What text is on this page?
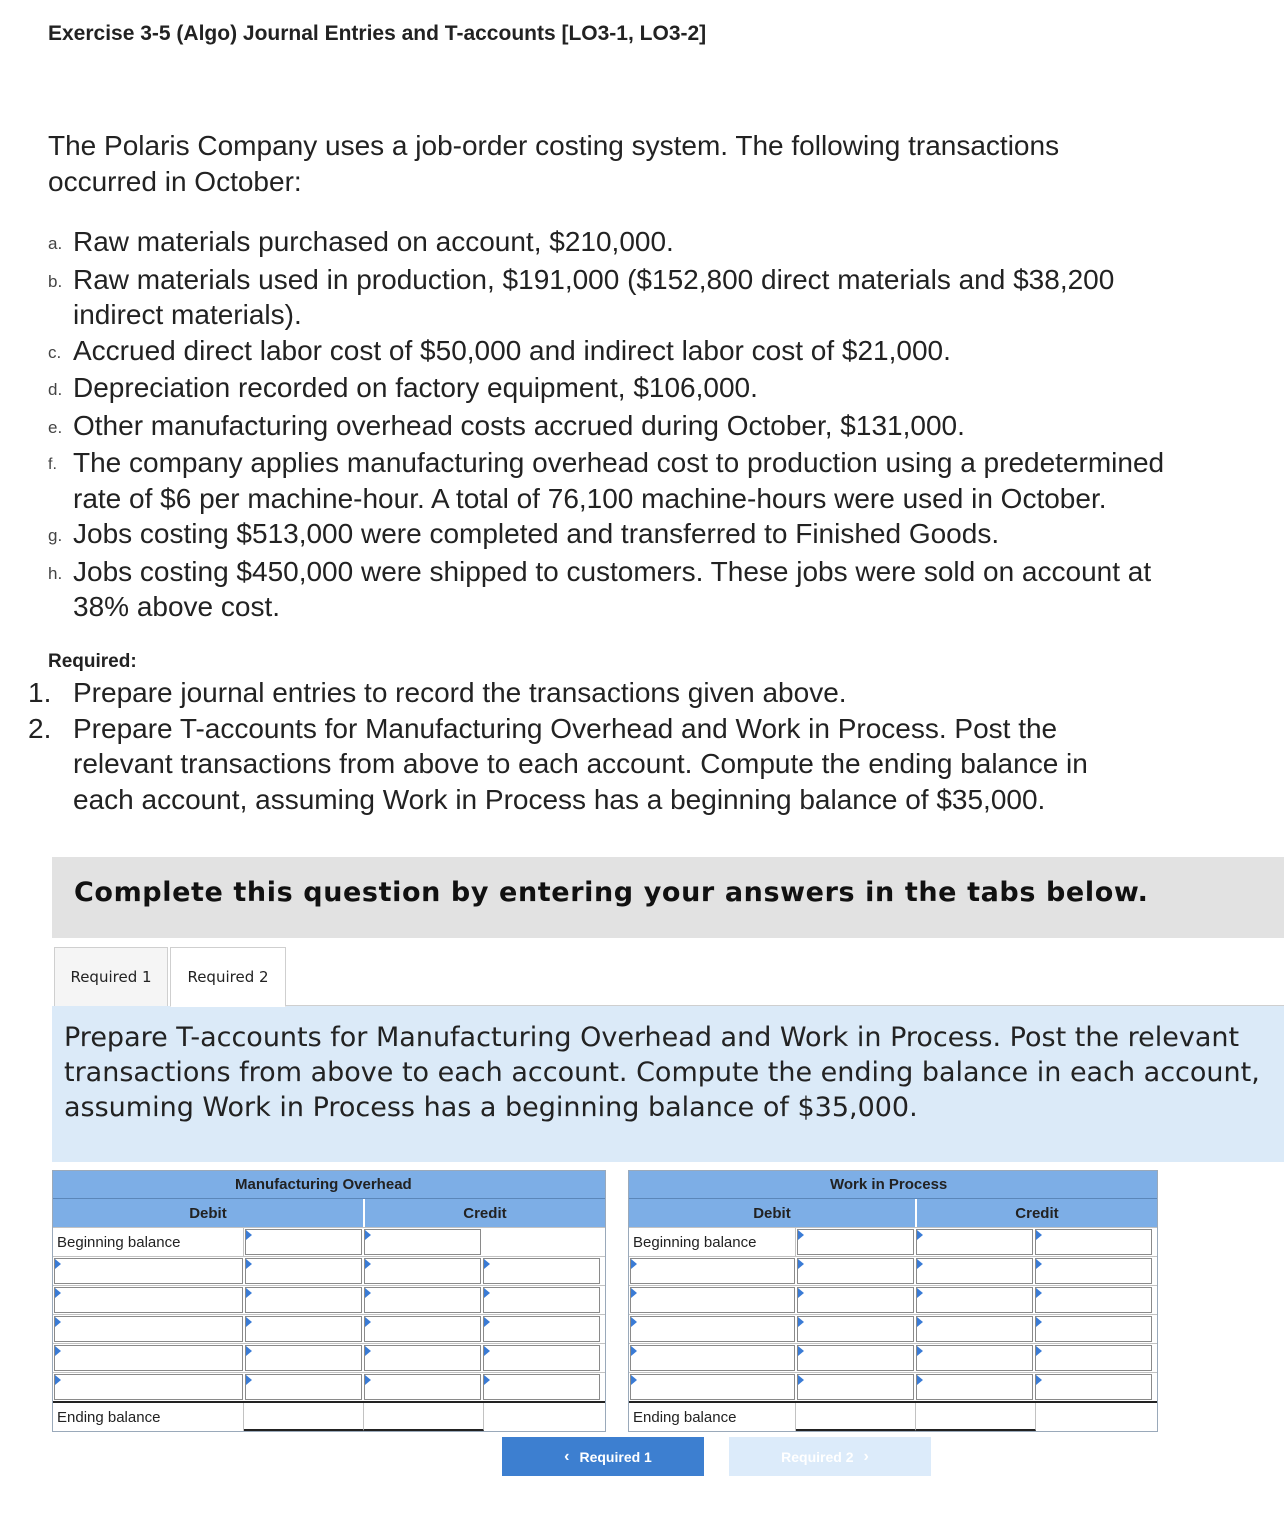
Exercise 3-5 (Algo) Journal Entries and T-accounts [LO3-1, LO3-2]
The Polaris Company uses a job-order costing system. The following transactions occurred in October:
a. Raw materials purchased on account, $210,000.
b. Raw materials used in production, $191,000 ($152,800 direct materials and $38,200 indirect materials).
c. Accrued direct labor cost of $50,000 and indirect labor cost of $21,000.
d. Depreciation recorded on factory equipment, $106,000.
e. Other manufacturing overhead costs accrued during October, $131,000.
f. The company applies manufacturing overhead cost to production using a predetermined rate of $6 per machine-hour. A total of 76,100 machine-hours were used in October.
g. Jobs costing $513,000 were completed and transferred to Finished Goods.
h. Jobs costing $450,000 were shipped to customers. These jobs were sold on account at 38% above cost.
Required:
1. Prepare journal entries to record the transactions given above.
2. Prepare T-accounts for Manufacturing Overhead and Work in Process. Post the relevant transactions from above to each account. Compute the ending balance in each account, assuming Work in Process has a beginning balance of $35,000.
Complete this question by entering your answers in the tabs below.
Required 1	Required 2
Prepare T-accounts for Manufacturing Overhead and Work in Process. Post the relevant transactions from above to each account. Compute the ending balance in each account, assuming Work in Process has a beginning balance of $35,000.
Manufacturing Overhead
Debit	Credit
Beginning balance
Ending balance
Work in Process
Debit	Credit
Beginning balance
Ending balance
‹ Required 1	Required 2 ›
